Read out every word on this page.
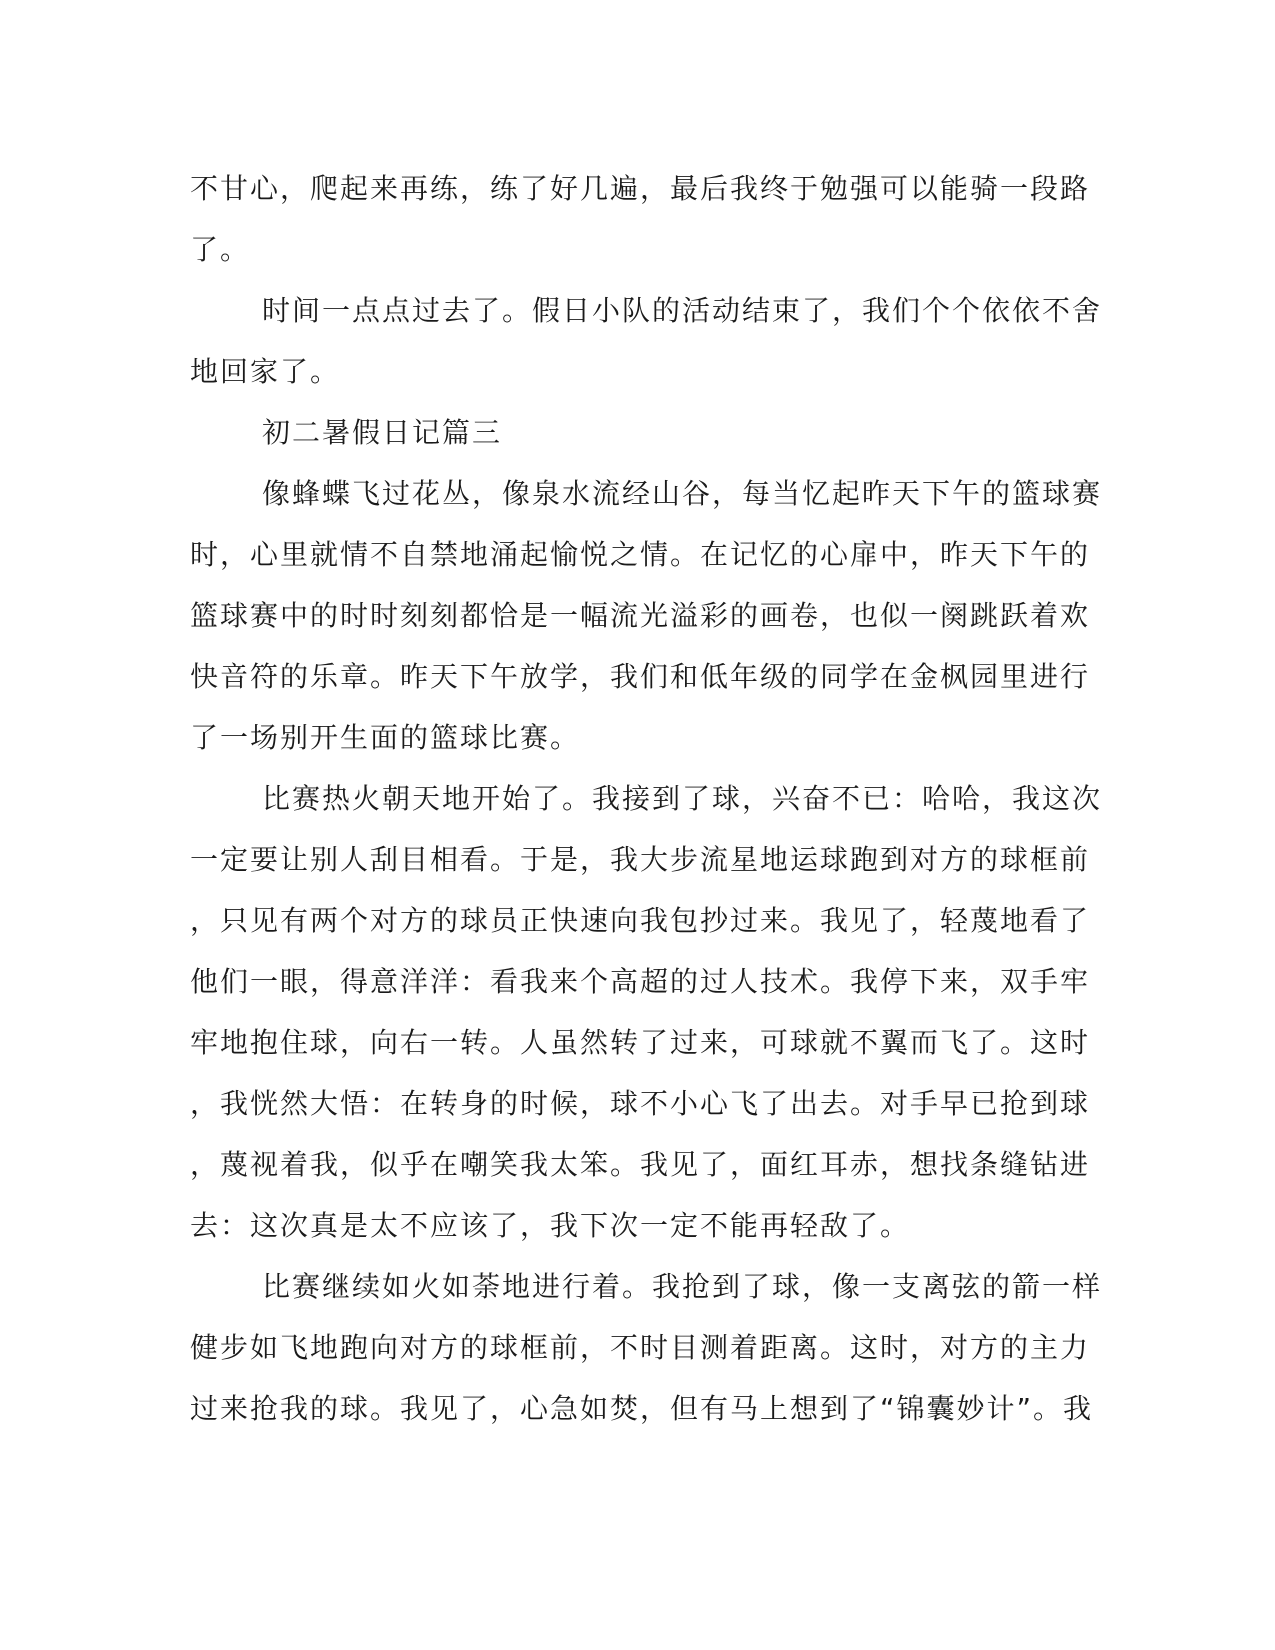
不甘心，爬起来再练，练了好几遍，最后我终于勉强可以能骑一段路
了。
时间一点点过去了。假日小队的活动结束了，我们个个依依不舍
地回家了。
初二暑假日记篇三
像蜂蝶飞过花丛，像泉水流经山谷，每当忆起昨天下午的篮球赛
时，心里就情不自禁地涌起愉悦之情。在记忆的心扉中，昨天下午的
篮球赛中的时时刻刻都恰是一幅流光溢彩的画卷，也似一阕跳跃着欢
快音符的乐章。昨天下午放学，我们和低年级的同学在金枫园里进行
了一场别开生面的篮球比赛。
比赛热火朝天地开始了。我接到了球，兴奋不已：哈哈，我这次
一定要让别人刮目相看。于是，我大步流星地运球跑到对方的球框前
，只见有两个对方的球员正快速向我包抄过来。我见了，轻蔑地看了
他们一眼，得意洋洋：看我来个高超的过人技术。我停下来，双手牢
牢地抱住球，向右一转。人虽然转了过来，可球就不翼而飞了。这时
，我恍然大悟：在转身的时候，球不小心飞了出去。对手早已抢到球
，蔑视着我，似乎在嘲笑我太笨。我见了，面红耳赤，想找条缝钻进
去：这次真是太不应该了，我下次一定不能再轻敌了。
比赛继续如火如荼地进行着。我抢到了球，像一支离弦的箭一样
健步如飞地跑向对方的球框前，不时目测着距离。这时，对方的主力
过来抢我的球。我见了，心急如焚，但有马上想到了“锦囊妙计”。我
